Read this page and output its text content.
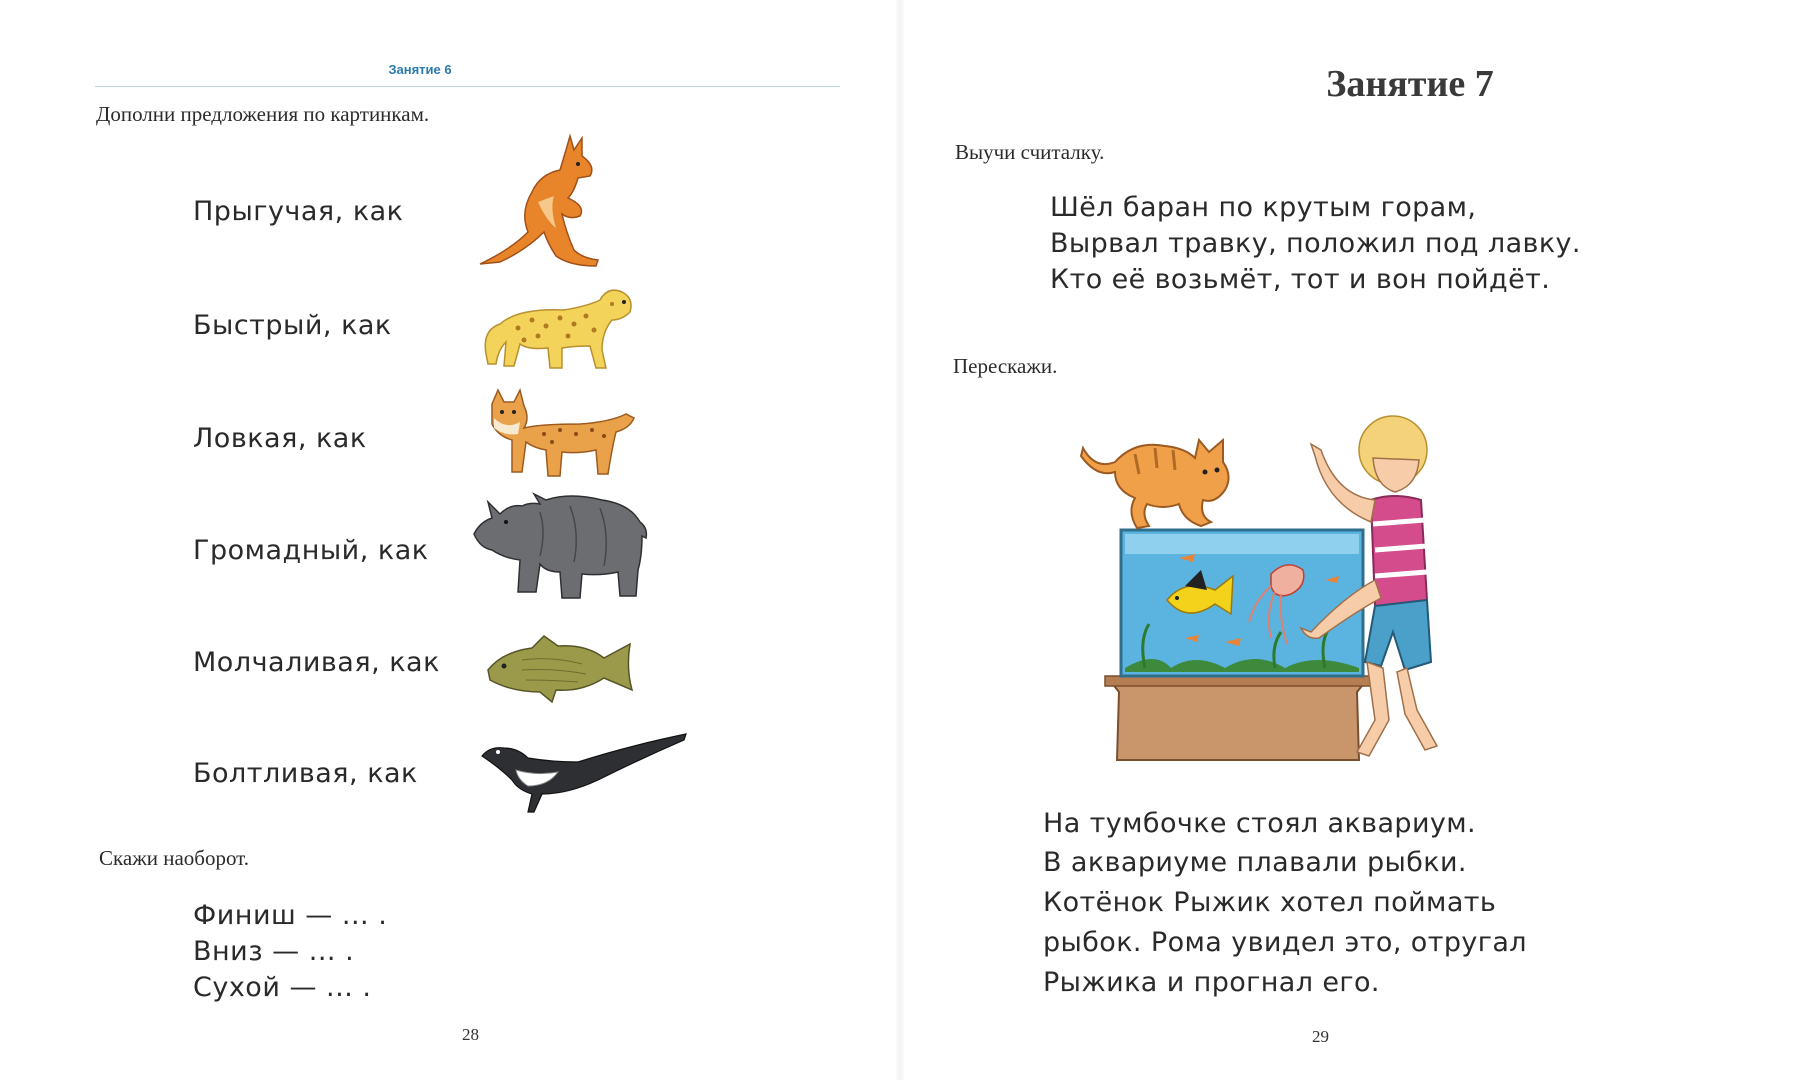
Занятие 6
Дополни предложения по картинкам.
Прыгучая, как
Быстрый, как
Ловкая, как
Громадный, как
Молчаливая, как
Болтливая, как
Скажи наоборот.
Финиш — ... .
Вниз — ... .
Сухой — ... .
28
Занятие 7
Выучи считалку.
Шёл баран по крутым горам,
Вырвал травку, положил под лавку.
Кто её возьмёт, тот и вон пойдёт.
Перескажи.
На тумбочке стоял аквариум.
В аквариуме плавали рыбки.
Котёнок Рыжик хотел поймать
рыбок. Рома увидел это, отругал
Рыжика и прогнал его.
29
